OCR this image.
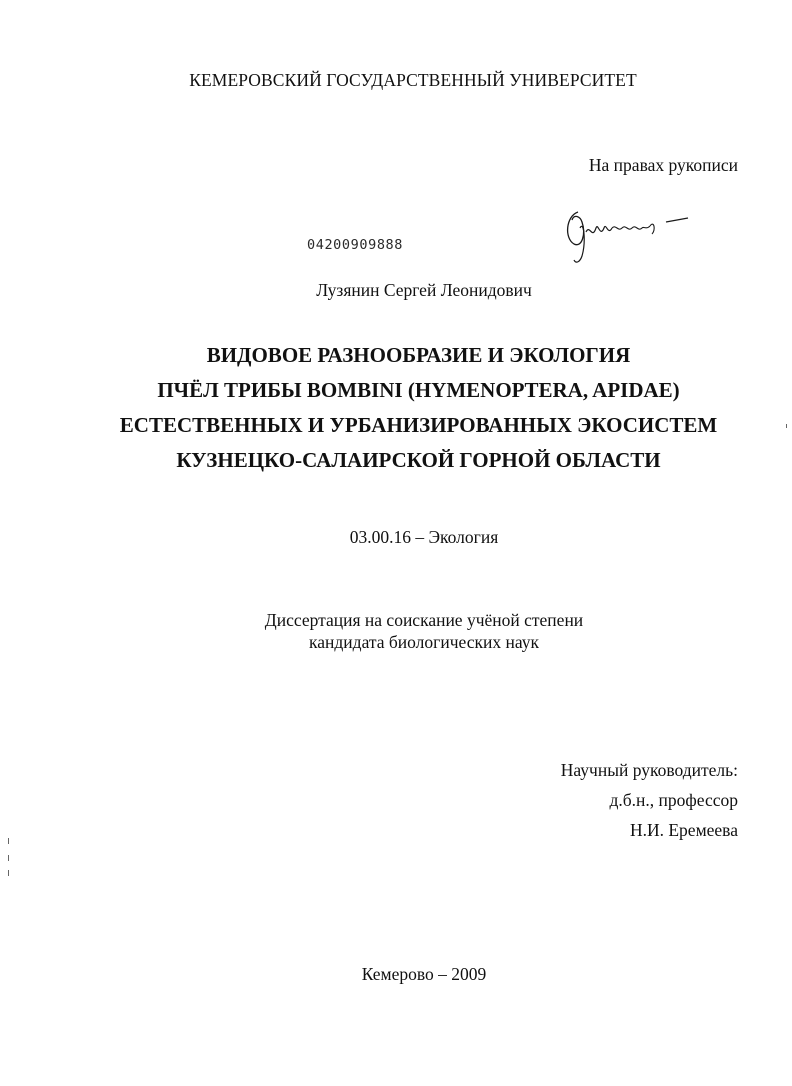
КЕМЕРОВСКИЙ ГОСУДАРСТВЕННЫЙ УНИВЕРСИТЕТ
На правах рукописи
04200909888
Лузянин Сергей Леонидович
ВИДОВОЕ РАЗНООБРАЗИЕ И ЭКОЛОГИЯ
ПЧЁЛ ТРИБЫ BOMBINI (HYMENOPTERA, APIDAE)
ЕСТЕСТВЕННЫХ И УРБАНИЗИРОВАННЫХ ЭКОСИСТЕМ
КУЗНЕЦКО-САЛАИРСКОЙ ГОРНОЙ ОБЛАСТИ
03.00.16 – Экология
Диссертация на соискание учёной степени
кандидата биологических наук
Научный руководитель:
д.б.н., профессор
Н.И. Еремеева
Кемерово – 2009
